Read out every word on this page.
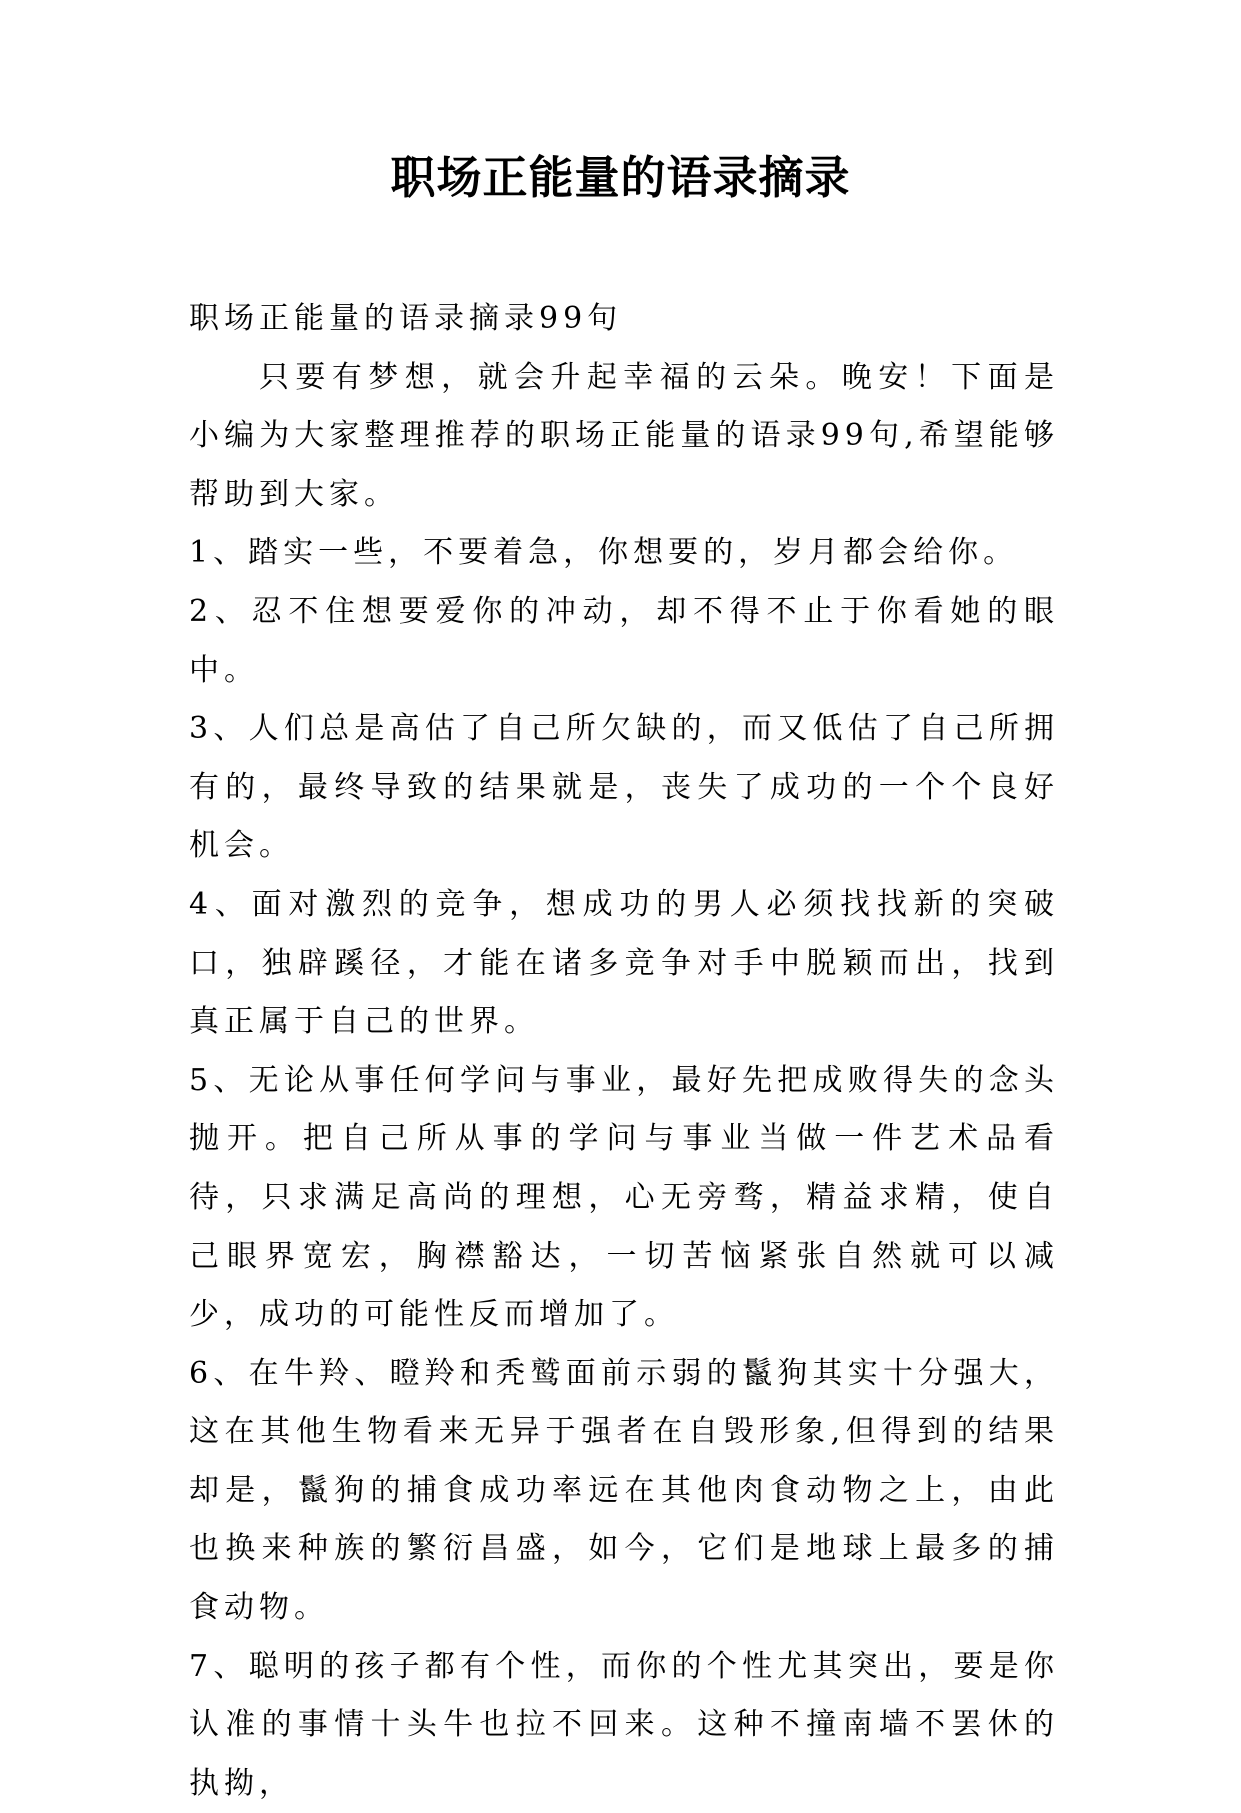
职场正能量的语录摘录

职场正能量的语录摘录99句

只要有梦想，就会升起幸福的云朵。晚安！下面是小编为大家整理推荐的职场正能量的语录99句,希望能够帮助到大家。

1、踏实一些，不要着急，你想要的，岁月都会给你。

2、忍不住想要爱你的冲动，却不得不止于你看她的眼中。

3、人们总是高估了自己所欠缺的，而又低估了自己所拥有的，最终导致的结果就是，丧失了成功的一个个良好机会。

4、面对激烈的竞争，想成功的男人必须找找新的突破口，独辟蹊径，才能在诸多竞争对手中脱颖而出，找到真正属于自己的世界。

5、无论从事任何学问与事业，最好先把成败得失的念头抛开。把自己所从事的学问与事业当做一件艺术品看待，只求满足高尚的理想，心无旁骛，精益求精，使自己眼界宽宏，胸襟豁达，一切苦恼紧张自然就可以减少，成功的可能性反而增加了。

6、在牛羚、瞪羚和秃鹫面前示弱的鬣狗其实十分强大，这在其他生物看来无异于强者在自毁形象,但得到的结果却是，鬣狗的捕食成功率远在其他肉食动物之上，由此也换来种族的繁衍昌盛，如今，它们是地球上最多的捕食动物。

7、聪明的孩子都有个性，而你的个性尤其突出，要是你认准的事情十头牛也拉不回来。这种不撞南墙不罢休的执拗，
